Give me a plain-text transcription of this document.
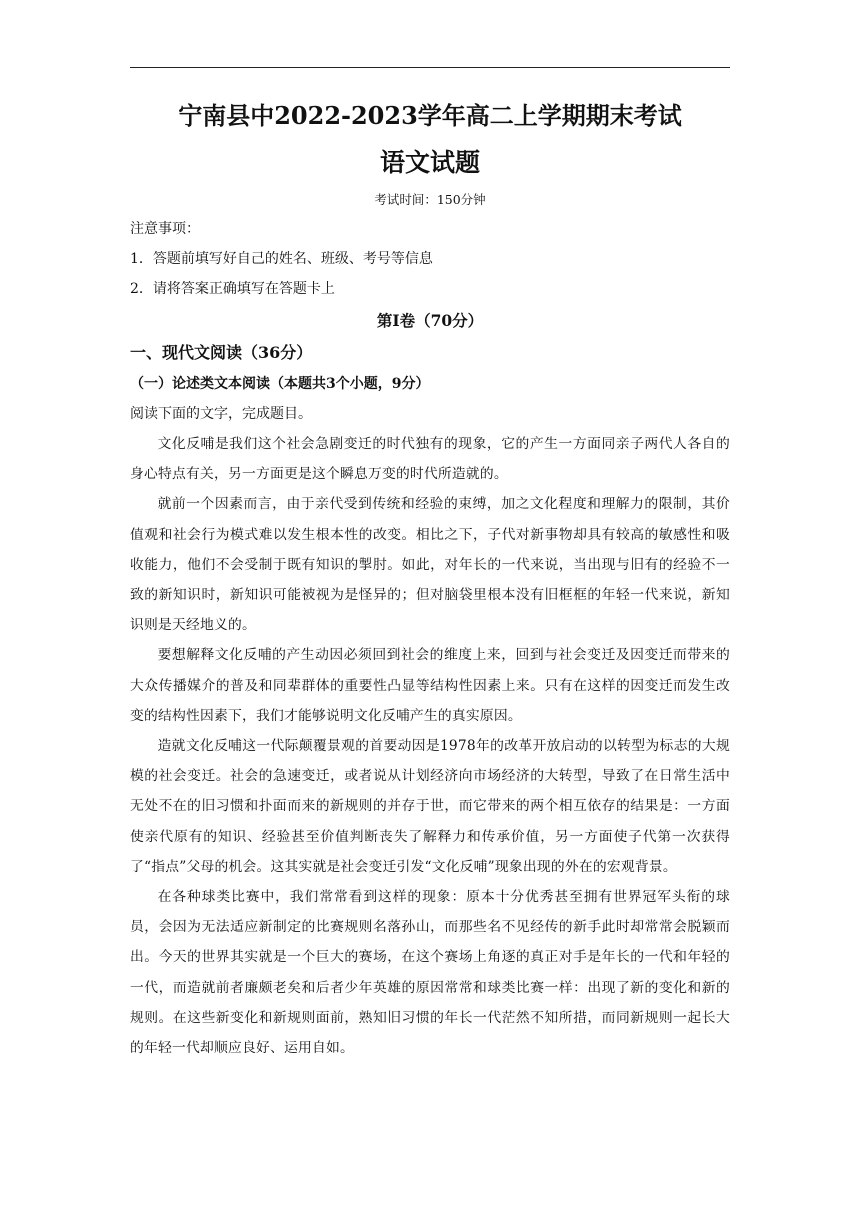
宁南县中2022-2023学年高二上学期期末考试
语文试题
考试时间：150分钟
注意事项：
1．答题前填写好自己的姓名、班级、考号等信息
2．请将答案正确填写在答题卡上
第I卷（70分）
一、现代文阅读（36分）
（一）论述类文本阅读（本题共3个小题，9分）
阅读下面的文字，完成题目。

文化反哺是我们这个社会急剧变迁的时代独有的现象，它的产生一方面同亲子两代人各自的身心特点有关，另一方面更是这个瞬息万变的时代所造就的。

就前一个因素而言，由于亲代受到传统和经验的束缚，加之文化程度和理解力的限制，其价值观和社会行为模式难以发生根本性的改变。相比之下，子代对新事物却具有较高的敏感性和吸收能力，他们不会受制于既有知识的掣肘。如此，对年长的一代来说，当出现与旧有的经验不一致的新知识时，新知识可能被视为是怪异的；但对脑袋里根本没有旧框框的年轻一代来说，新知识则是天经地义的。

要想解释文化反哺的产生动因必须回到社会的维度上来，回到与社会变迁及因变迁而带来的大众传播媒介的普及和同辈群体的重要性凸显等结构性因素上来。只有在这样的因变迁而发生改变的结构性因素下，我们才能够说明文化反哺产生的真实原因。

造就文化反哺这一代际颠覆景观的首要动因是1978年的改革开放启动的以转型为标志的大规模的社会变迁。社会的急速变迁，或者说从计划经济向市场经济的大转型，导致了在日常生活中无处不在的旧习惯和扑面而来的新规则的并存于世，而它带来的两个相互依存的结果是：一方面使亲代原有的知识、经验甚至价值判断丧失了解释力和传承价值，另一方面使子代第一次获得了“指点”父母的机会。这其实就是社会变迁引发“文化反哺”现象出现的外在的宏观背景。

在各种球类比赛中，我们常常看到这样的现象：原本十分优秀甚至拥有世界冠军头衔的球员，会因为无法适应新制定的比赛规则名落孙山，而那些名不见经传的新手此时却常常会脱颖而出。今天的世界其实就是一个巨大的赛场，在这个赛场上角逐的真正对手是年长的一代和年轻的一代，而造就前者廉颇老矣和后者少年英雄的原因常常和球类比赛一样：出现了新的变化和新的规则。在这些新变化和新规则面前，熟知旧习惯的年长一代茫然不知所措，而同新规则一起长大的年轻一代却顺应良好、运用自如。
